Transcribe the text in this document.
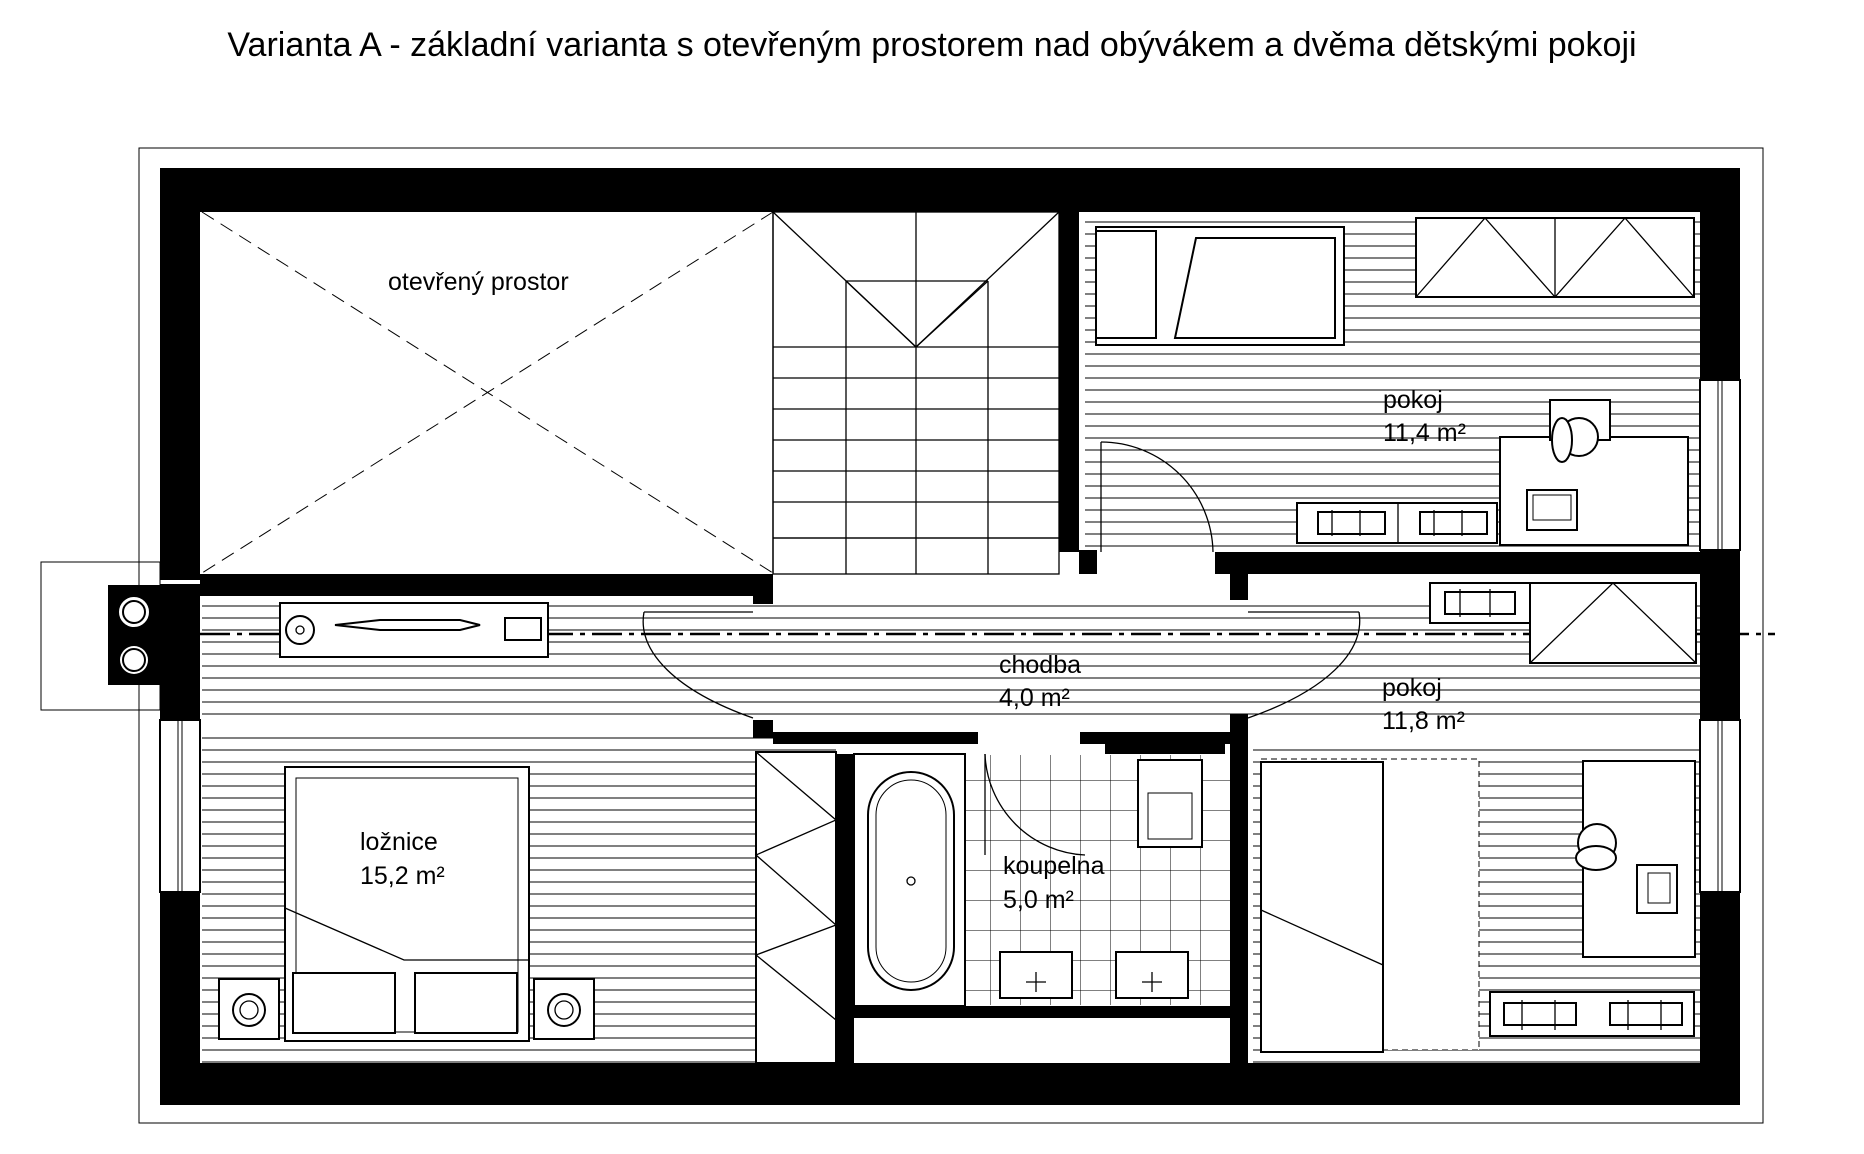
Varianta A - základní varianta s otevřeným prostorem nad obývákem a dvěma dětskými pokoji
otevřený prostor
pokoj
11,4 m²
chodba
4,0 m²	pokoj
11,8 m²
ložnice
15,2 m²	koupelna
5,0 m²
